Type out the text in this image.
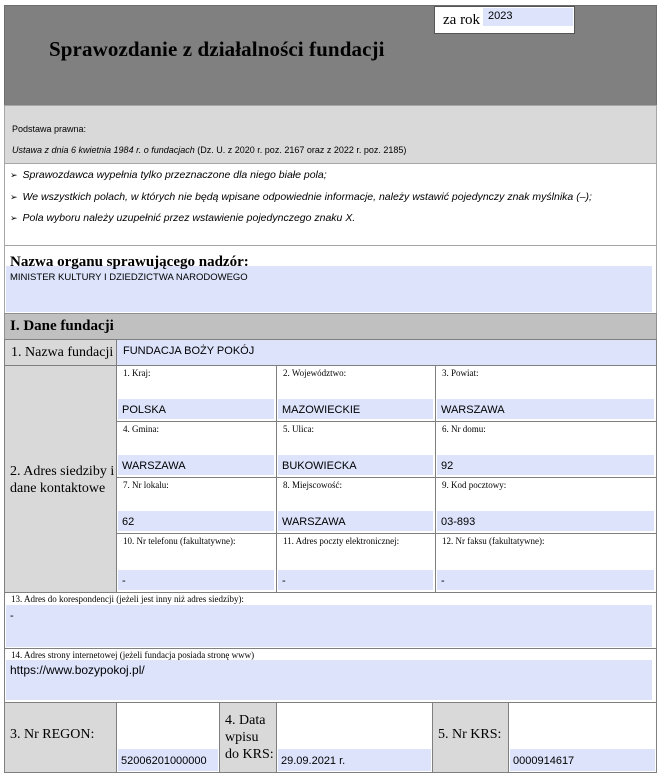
Sprawozdanie z działalności fundacji
za rok 2023
Podstawa prawna:
Ustawa z dnia 6 kwietnia 1984 r. o fundacjach (Dz. U. z 2020 r. poz. 2167 oraz z 2022 r. poz. 2185)
➢ Sprawozdawca wypełnia tylko przeznaczone dla niego białe pola;
➢ We wszystkich polach, w których nie będą wpisane odpowiednie informacje, należy wstawić pojedynczy znak myślnika (–);
➢ Pola wyboru należy uzupełnić przez wstawienie pojedynczego znaku X.
MINISTER KULTURY I DZIEDZICTWA NARODOWEGO
Nazwa organu sprawującego nadzór:
I. Dane fundacji
1. Nazwa fundacji FUNDACJA BOŻY POKÓJ
2. Adres siedziby i dane kontaktowe
1. Kraj:
POLSKA
2. Województwo:
MAZOWIECKIE
3. Powiat:
WARSZAWA
4. Gmina:
WARSZAWA
5. Ulica:
BUKOWIECKA
6. Nr domu:
92
7. Nr lokalu:
62
8. Miejscowość:
WARSZAWA
9. Kod pocztowy:
03-893
10. Nr telefonu (fakultatywne):
-
11. Adres poczty elektronicznej:
-
12. Nr faksu (fakultatywne):
-
-
13. Adres do korespondencji (jeżeli jest inny niż adres siedziby):
https://www.bozypokoj.pl/
14. Adres strony internetowej (jeżeli fundacja posiada stronę www)
3. Nr REGON:
52006201000000
4. Data wpisu do KRS: 29.09.2021 r.
5. Nr KRS:
0000914617
